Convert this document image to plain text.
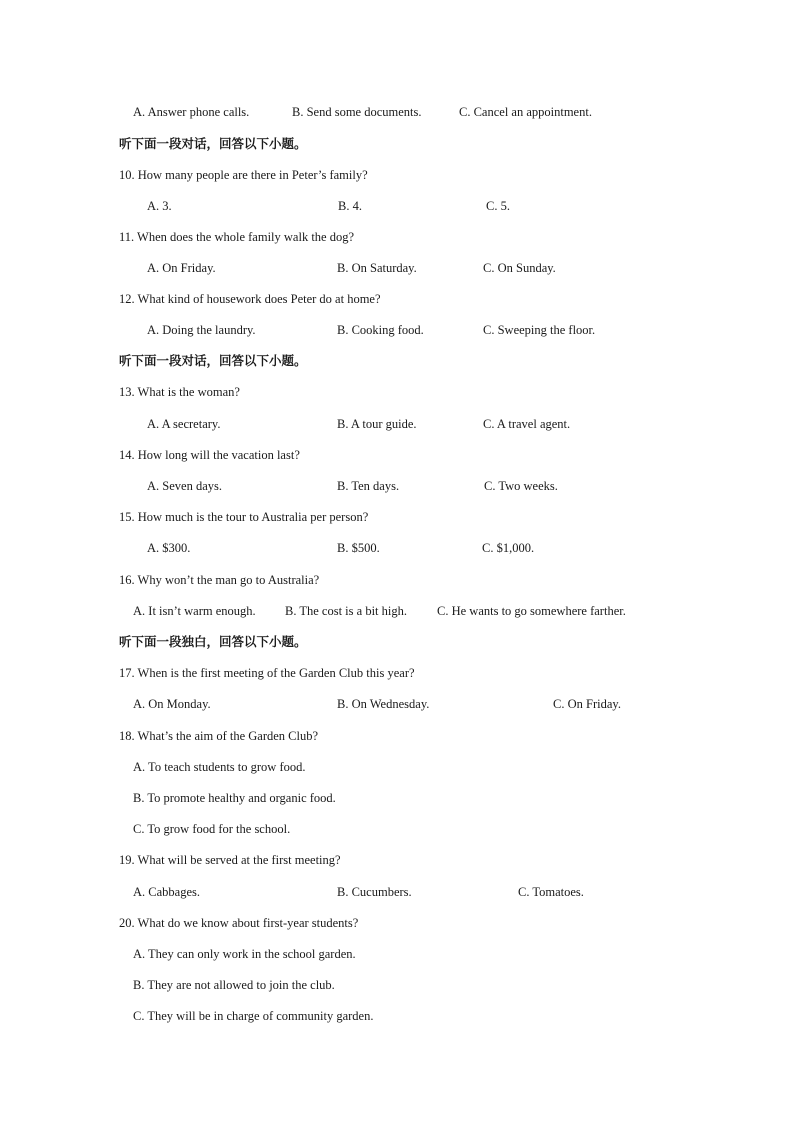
A. Answer phone calls.	B. Send some documents.	C. Cancel an appointment.
听下面一段对话，回答以下小题。
10. How many people are there in Peter’s family?
A. 3.	B. 4.	C. 5.
11. When does the whole family walk the dog?
A. On Friday.	B. On Saturday.	C. On Sunday.
12. What kind of housework does Peter do at home?
A. Doing the laundry.	B. Cooking food.	C. Sweeping the floor.
听下面一段对话，回答以下小题。
13. What is the woman?
A. A secretary.	B. A tour guide.	C. A travel agent.
14. How long will the vacation last?
A. Seven days.	B. Ten days.	C. Two weeks.
15. How much is the tour to Australia per person?
A. $300.	B. $500.	C. $1,000.
16. Why won’t the man go to Australia?
A. It isn’t warm enough. B. The cost is a bit high. C. He wants to go somewhere farther.
听下面一段独白，回答以下小题。
17. When is the first meeting of the Garden Club this year?
A. On Monday.	B. On Wednesday.	C. On Friday.
18. What’s the aim of the Garden Club?
A. To teach students to grow food.
B. To promote healthy and organic food.
C. To grow food for the school.
19. What will be served at the first meeting?
A. Cabbages.	B. Cucumbers.	C. Tomatoes.
20. What do we know about first-year students?
A. They can only work in the school garden.
B. They are not allowed to join the club.
C. They will be in charge of community garden.
